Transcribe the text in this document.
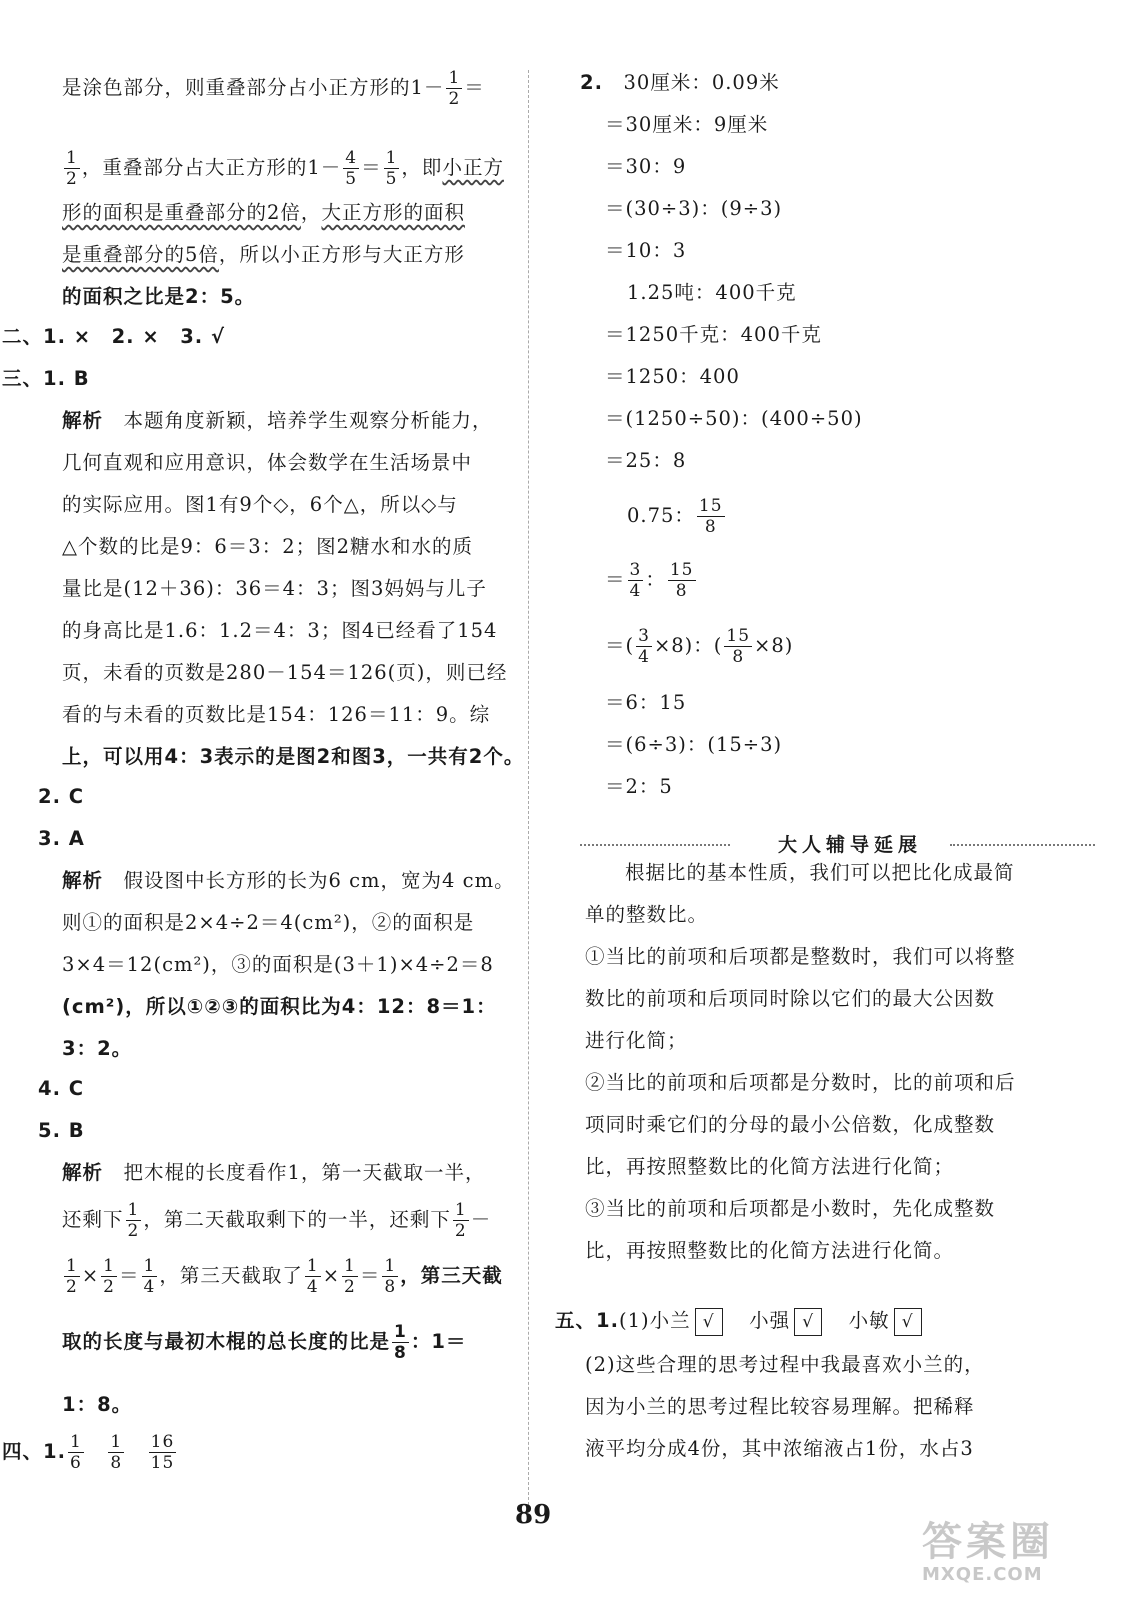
是涂色部分，则重叠部分占小正方形的$1- \frac{1}{2}$ ＝
$\frac{1}{2}$ ，重叠部分占大正方形的$1- \frac{4}{5} = \frac{1}{5}$ ，即小正方
形的面积是重叠部分的2倍，大正方形的面积
是重叠部分的5倍，所以小正方形与大正方形
的面积之比是2：5。
二、1. ×　2. ×　3. √
三、1. B
解析　 本题角度新颖，培养学生观察分析能力，
几何直观和应用意识，体会数学在生活场景中
的实际应用。图1有9个◇，6个△，所以◇与
△个数的比是9：6＝3：2；图2糖水和水的质
量比是(12＋36)：36＝4：3；图3妈妈与儿子
的身高比是1.6：1.2＝4：3；图4已经看了154
页，未看的页数是280－154＝126(页)，则已经
看的与未看的页数比是154：126＝11：9。综
上，可以用4：3表示的是图2和图3，一共有2个。
2. C
3. A
解析　 假设图中长方形的长为6 cm，宽为4 cm。
则①的面积是2×4÷2＝4(cm²)，②的面积是
3×4＝12(cm²)，③的面积是(3＋1)×4÷2＝8
(cm²)，所以①②③的面积比为4：12：8＝1：
3：2。
4. C
5. B
解析　 把木棍的长度看作1，第一天截取一半，
还剩下 $\frac{1}{2}$ ，第二天截取剩下的一半，还剩下 $\frac{1}{2}$ －
$\frac{1}{2} \times \frac{1}{2} = \frac{1}{4}$ ，第三天截取了 $\frac{1}{4} \times \frac{1}{2} = \frac{1}{8}$ ，第三天截
取的长度与最初木棍的总长度的比是 $\frac{1}{8}$ ：1＝
1：8。
四、1. $\frac{1}{6}$
　 $\frac{1}{8}$
　 $\frac{16}{15}$
2.　 30厘米：0.09米
＝30厘米：9厘米
＝30：9
＝(30÷3)：(9÷3)
＝10：3
1.25吨：400千克
＝1250千克：400千克
＝1250：400
＝(1250÷50)：(400÷50)
＝25：8
0.75： $\frac{15}{8}$
＝ $\frac{3}{4}$ ： $\frac{15}{8}$
＝( $\frac{3}{4} \times 8$)：( $\frac{15}{8} \times 8$)
＝6：15
＝(6÷3)：(15÷3)
＝2：5
大人辅导延展
根据比的基本性质，我们可以把比化成最简
单的整数比。
①当比的前项和后项都是整数时，我们可以将整
数比的前项和后项同时除以它们的最大公因数
进行化简；
②当比的前项和后项都是分数时，比的前项和后
项同时乘它们的分母的最小公倍数，化成整数
比，再按照整数比的化简方法进行化简；
③当比的前项和后项都是小数时，先化成整数
比，再按照整数比的化简方法进行化简。
五、1.(1)小兰 √　 小强 √　 小敏 √
(2)这些合理的思考过程中我最喜欢小兰的，
因为小兰的思考过程比较容易理解。把稀释
液平均分成4份，其中浓缩液占1份，水占3
89
答案圈
MXQE.COM
